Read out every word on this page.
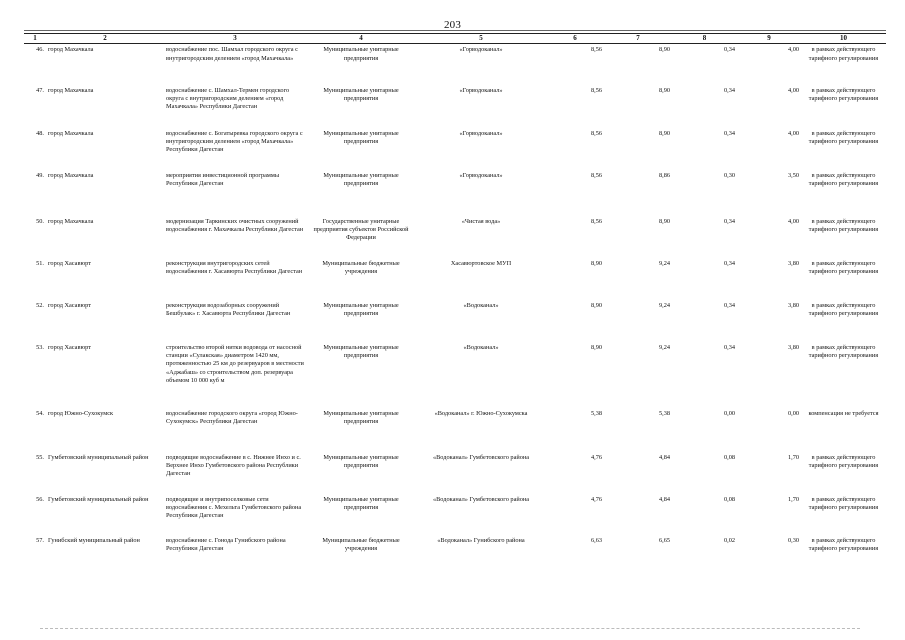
203
1	2	3	4	5	6	7	8	9	10
46.	город Махачкала	водоснабжение пос. Шамхал городского округа с внутригородским делением «город Махачкала»	Муниципальные унитарные предприятия	«Горводоканал»	8,56	8,90	0,34	4,00	в рамках действующего тарифного регулирования
47.	город Махачкала	водоснабжение с. Шамхал-Термен городского округа с внутригородским делением «город Махачкала» Республики Дагестан	Муниципальные унитарные предприятия	«Горводоканал»	8,56	8,90	0,34	4,00	в рамках действующего тарифного регулирования
48.	город Махачкала	водоснабжение с. Богатыревка городского округа с внутригородским делением «город Махачкала» Республики Дагестан	Муниципальные унитарные предприятия	«Горводоканал»	8,56	8,90	0,34	4,00	в рамках действующего тарифного регулирования
49.	город Махачкала	мероприятия инвестиционной программы Республики Дагестан	Муниципальные унитарные предприятия	«Горводоканал»	8,56	8,86	0,30	3,50	в рамках действующего тарифного регулирования
50.	город Махачкала	модернизация Таркинских очистных сооружений водоснабжения г. Махачкалы Республики Дагестан	Государственные унитарные предприятия субъектов Российской Федерации	«Чистая вода»	8,56	8,90	0,34	4,00	в рамках действующего тарифного регулирования
51.	город Хасавюрт	реконструкция внутригородских сетей водоснабжения г. Хасавюрта Республики Дагестан	Муниципальные бюджетные учреждения	Хасавюртовское МУП	8,90	9,24	0,34	3,80	в рамках действующего тарифного регулирования
52.	город Хасавюрт	реконструкция водозаборных сооружений Бешбулак» г. Хасавюрта Республики Дагестан	Муниципальные унитарные предприятия	«Водоканал»	8,90	9,24	0,34	3,80	в рамках действующего тарифного регулирования
53.	город Хасавюрт	строительство второй нитки водовода от насосной станции «Сулакская» диаметром 1420 мм, протяженностью 25 км до резервуаров в местности «Аджабаш» со строительством доп. резервуара объемом 10 000 куб м	Муниципальные унитарные предприятия	«Водоканал»	8,90	9,24	0,34	3,80	в рамках действующего тарифного регулирования
54.	город Южно-Сухокумск	водоснабжение городского округа «город Южно-Сухокумск» Республики Дагестан	Муниципальные унитарные предприятия	«Водоканал» г. Южно-Сухокумска	5,38	5,38	0,00	0,00	компенсация не требуется
55.	Гумбетовский муниципальный район	подводящие водоснабжение в с. Нижнее Инхо и с. Верхнее Инхо Гумбетовского района Республики Дагестан	Муниципальные унитарные предприятия	«Водоканал» Гумбетовского района	4,76	4,84	0,08	1,70	в рамках действующего тарифного регулирования
56.	Гумбетовский муниципальный район	подводящие и внутрипоселковые сети водоснабжения с. Мехельта Гумбетовского района Республики Дагестан	Муниципальные унитарные предприятия	«Водоканал» Гумбетовского района	4,76	4,84	0,08	1,70	в рамках действующего тарифного регулирования
57.	Гунибский муниципальный район	водоснабжение с. Гонода Гунибского района Республики Дагестан	Муниципальные бюджетные учреждения	«Водоканал» Гунибского района	6,63	6,65	0,02	0,30	в рамках действующего тарифного регулирования
